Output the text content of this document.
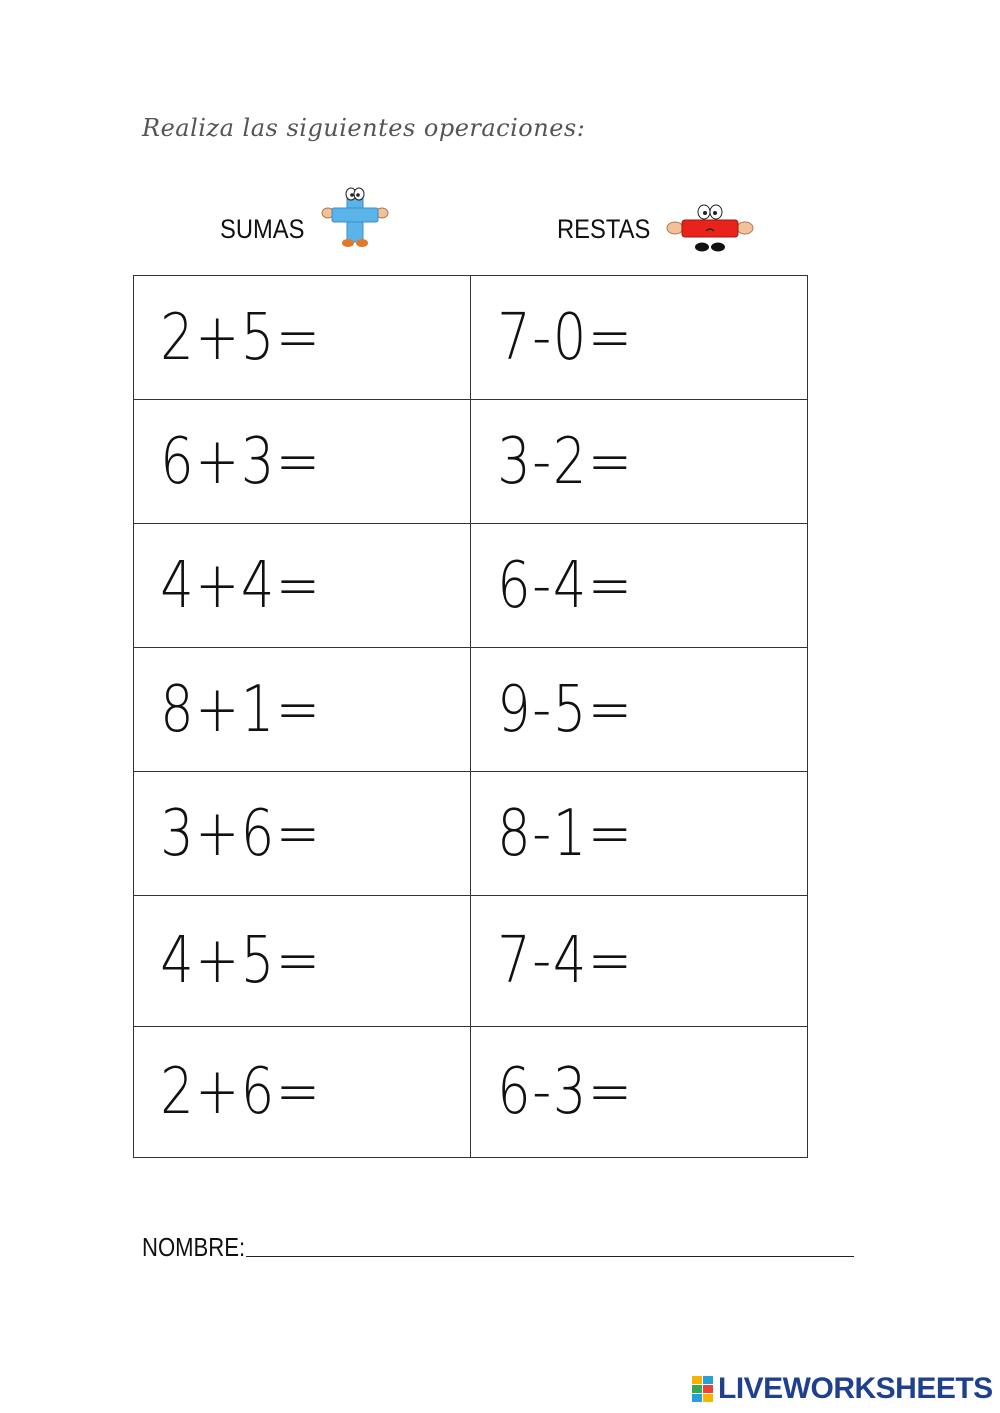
Realiza las siguientes operaciones:
SUMAS	RESTAS
2+5=	7-0=
6+3=	3-2=
4+4=	6-4=
8+1=	9-5=
3+6=	8-1=
4+5=	7-4=
2+6=	6-3=
NOMBRE:
LIVEWORKSHEETS
